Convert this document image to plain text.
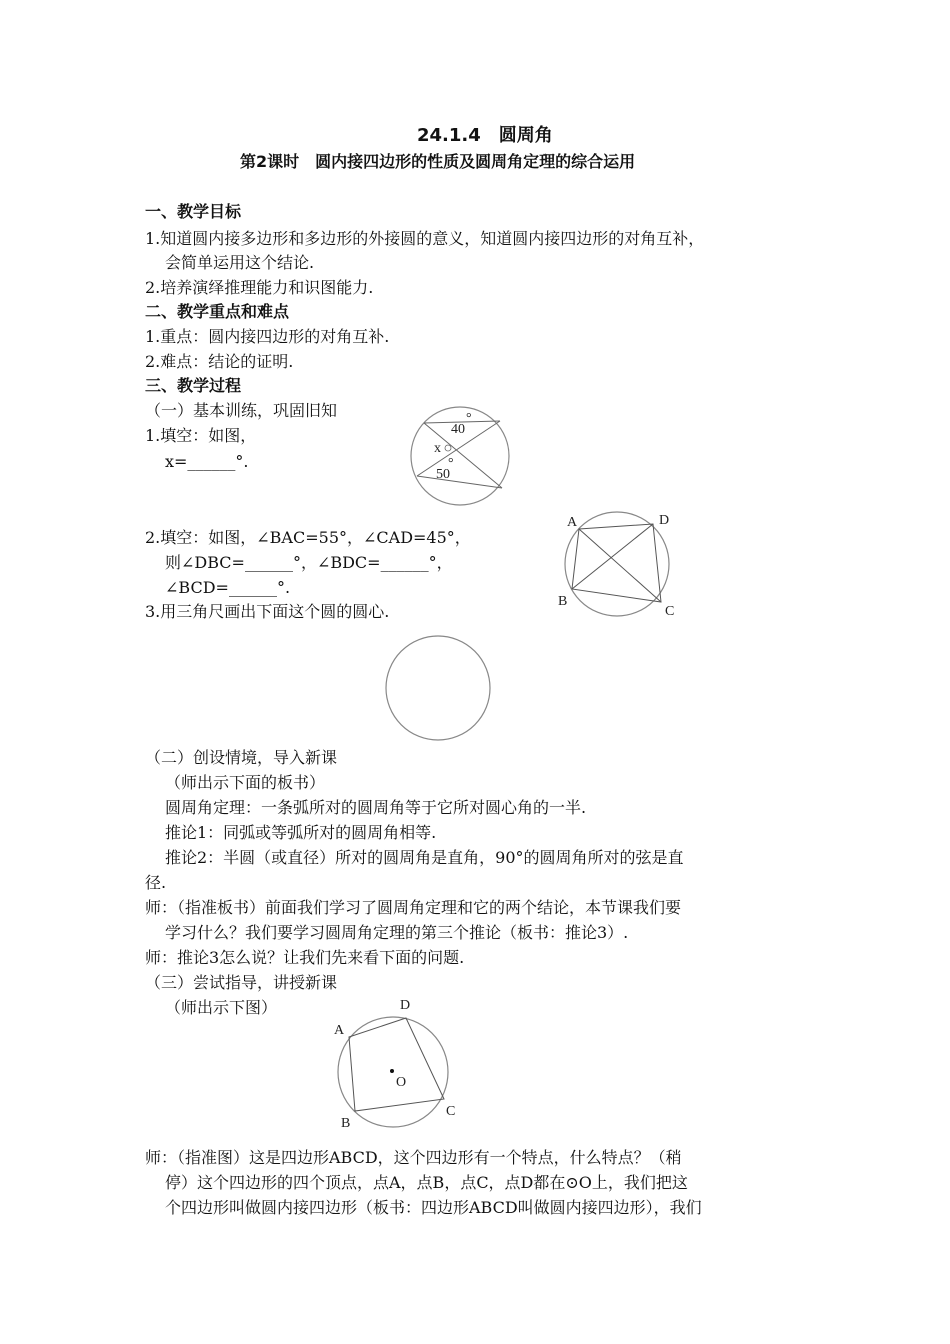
24.1.4　圆周角
第2课时　圆内接四边形的性质及圆周角定理的综合运用
一、教学目标
1.知道圆内接多边形和多边形的外接圆的意义，知道圆内接四边形的对角互补，
会简单运用这个结论.
2.培养演绎推理能力和识图能力.
二、教学重点和难点
1.重点：圆内接四边形的对角互补.
2.难点：结论的证明.
三、教学过程
（一）基本训练，巩固旧知
1.填空：如图，
x=______°.
40
°
x
50
°
2.填空：如图，∠BAC=55°，∠CAD=45°，
则∠DBC=______°，∠BDC=______°，
∠BCD=______°.
3.用三角尺画出下面这个圆的圆心.
A	D
B
C
（二）创设情境，导入新课
（师出示下面的板书）
圆周角定理：一条弧所对的圆周角等于它所对圆心角的一半.
推论1：同弧或等弧所对的圆周角相等.
推论2：半圆（或直径）所对的圆周角是直角，90°的圆周角所对的弦是直
径.
师：（指准板书）前面我们学习了圆周角定理和它的两个结论，本节课我们要
学习什么？我们要学习圆周角定理的第三个推论（板书：推论3）.
师：推论3怎么说？让我们先来看下面的问题.
（三）尝试指导，讲授新课
（师出示下图）
A
D
B
C
O
师：（指准图）这是四边形ABCD，这个四边形有一个特点，什么特点？（稍
停）这个四边形的四个顶点，点A，点B，点C，点D都在⊙O上，我们把这
个四边形叫做圆内接四边形（板书：四边形ABCD叫做圆内接四边形），我们
